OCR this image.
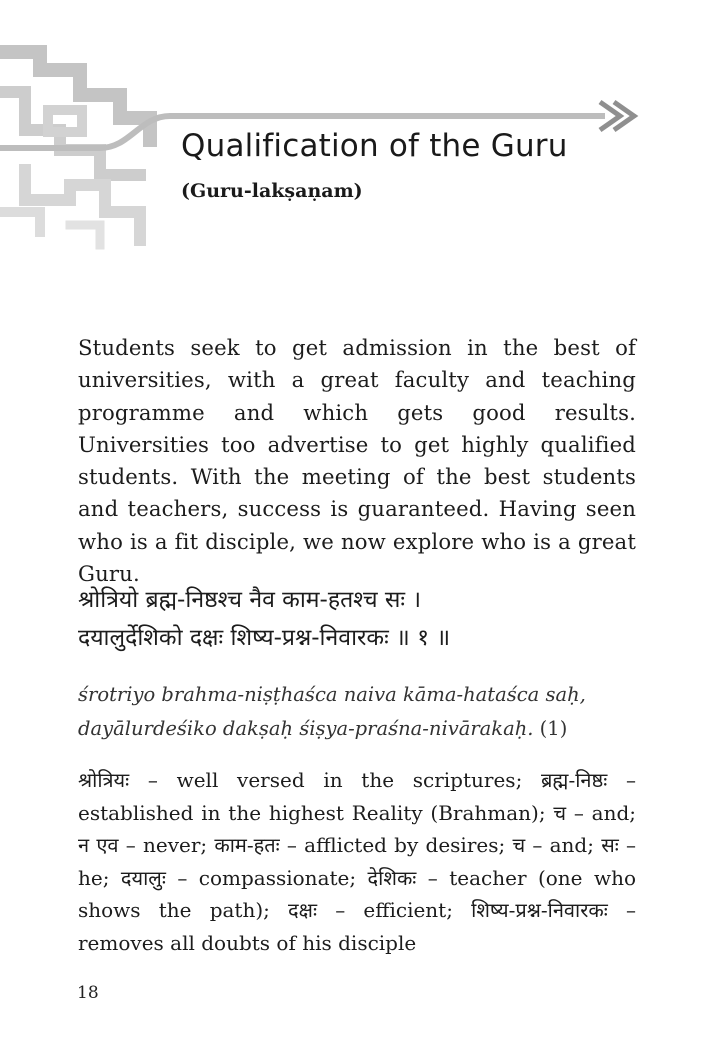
Qualification of the Guru
(Guru-lakṣaṇam)

Students seek to get admission in the best of universities, with a great faculty and teaching programme and which gets good results. Universities too advertise to get highly qualified students. With the meeting of the best students and teachers, success is guaranteed. Having seen who is a fit disciple, we now explore who is a great Guru.

श्रोत्रियो ब्रह्म-निष्ठश्च नैव काम-हतश्च सः ।

दयालुर्देशिको दक्षः शिष्य-प्रश्न-निवारकः ॥ १ ॥

śrotriyo brahma-niṣṭhaśca naiva kāma-hataśca saḥ,
dayālurdeśiko dakṣaḥ śiṣya-praśna-nivārakaḥ. (1)

श्रोत्रियः – well versed in the scriptures; ब्रह्म-निष्ठः – established in the highest Reality (Brahman); च – and; न एव – never; काम-हतः – afflicted by desires; च – and; सः – he; दयालुः – compassionate; देशिकः – teacher (one who shows the path); दक्षः – efficient; शिष्य-प्रश्न-निवारकः – removes all doubts of his disciple

18
